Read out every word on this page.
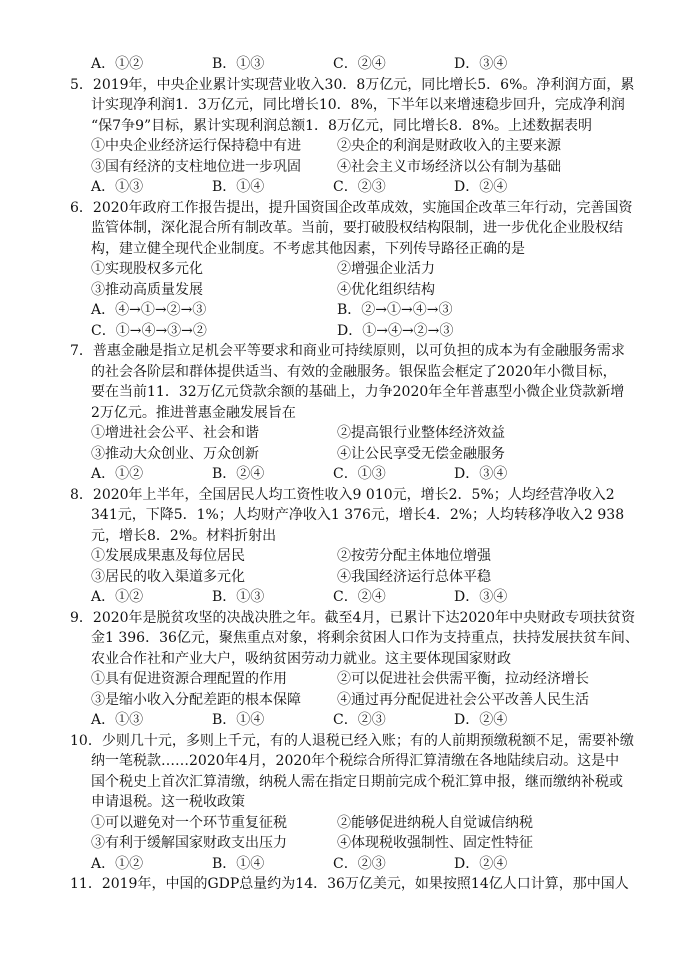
A．①②	B．①③	C．②④	D．③④
5．2019年，中央企业累计实现营业收入30．8万亿元，同比增长5．6%。净利润方面，累
计实现净利润1．3万亿元，同比增长10．8%，下半年以来增速稳步回升，完成净利润
“保7争9”目标，累计实现利润总额1．8万亿元，同比增长8．8%。上述数据表明
①中央企业经济运行保持稳中有进	②央企的利润是财政收入的主要来源
③国有经济的支柱地位进一步巩固	④社会主义市场经济以公有制为基础
A．①③	B．①④	C．②③	D．②④
6．2020年政府工作报告提出，提升国资国企改革成效，实施国企改革三年行动，完善国资
监管体制，深化混合所有制改革。当前，要打破股权结构限制，进一步优化企业股权结
构，建立健全现代企业制度。不考虑其他因素，下列传导路径正确的是
①实现股权多元化	②增强企业活力
③推动高质量发展	④优化组织结构
A．④→①→②→③	B．②→①→④→③
C．①→④→③→②	D．①→④→②→③
7．普惠金融是指立足机会平等要求和商业可持续原则，以可负担的成本为有金融服务需求
的社会各阶层和群体提供适当、有效的金融服务。银保监会框定了2020年小微目标，
要在当前11．32万亿元贷款余额的基础上，力争2020年全年普惠型小微企业贷款新增
2万亿元。推进普惠金融发展旨在
①增进社会公平、社会和谐	②提高银行业整体经济效益
③推动大众创业、万众创新	④让公民享受无偿金融服务
A．①②	B．②④	C．①③	D．③④
8．2020年上半年，全国居民人均工资性收入9 010元，增长2．5%；人均经营净收入2
341元，下降5．1%；人均财产净收入1 376元，增长4．2%；人均转移净收入2 938
元，增长8．2%。材料折射出
①发展成果惠及每位居民	②按劳分配主体地位增强
③居民的收入渠道多元化	④我国经济运行总体平稳
A．①②	B．①③	C．②④	D．③④
9．2020年是脱贫攻坚的决战决胜之年。截至4月，已累计下达2020年中央财政专项扶贫资
金1 396．36亿元，聚焦重点对象，将剩余贫困人口作为支持重点，扶持发展扶贫车间、
农业合作社和产业大户，吸纳贫困劳动力就业。这主要体现国家财政
①具有促进资源合理配置的作用	②可以促进社会供需平衡，拉动经济增长
③是缩小收入分配差距的根本保障	④通过再分配促进社会公平改善人民生活
A．①③	B．①④	C．②③	D．②④
10．少则几十元，多则上千元，有的人退税已经入账；有的人前期预缴税额不足，需要补缴
纳一笔税款……2020年4月，2020年个税综合所得汇算清缴在各地陆续启动。这是中
国个税史上首次汇算清缴，纳税人需在指定日期前完成个税汇算申报，继而缴纳补税或
申请退税。这一税收政策
①可以避免对一个环节重复征税	②能够促进纳税人自觉诚信纳税
③有利于缓解国家财政支出压力	④体现税收强制性、固定性特征
A．①②	B．①④	C．②③	D．②④
11．2019年，中国的GDP总量约为14．36万亿美元，如果按照14亿人口计算，那中国人
